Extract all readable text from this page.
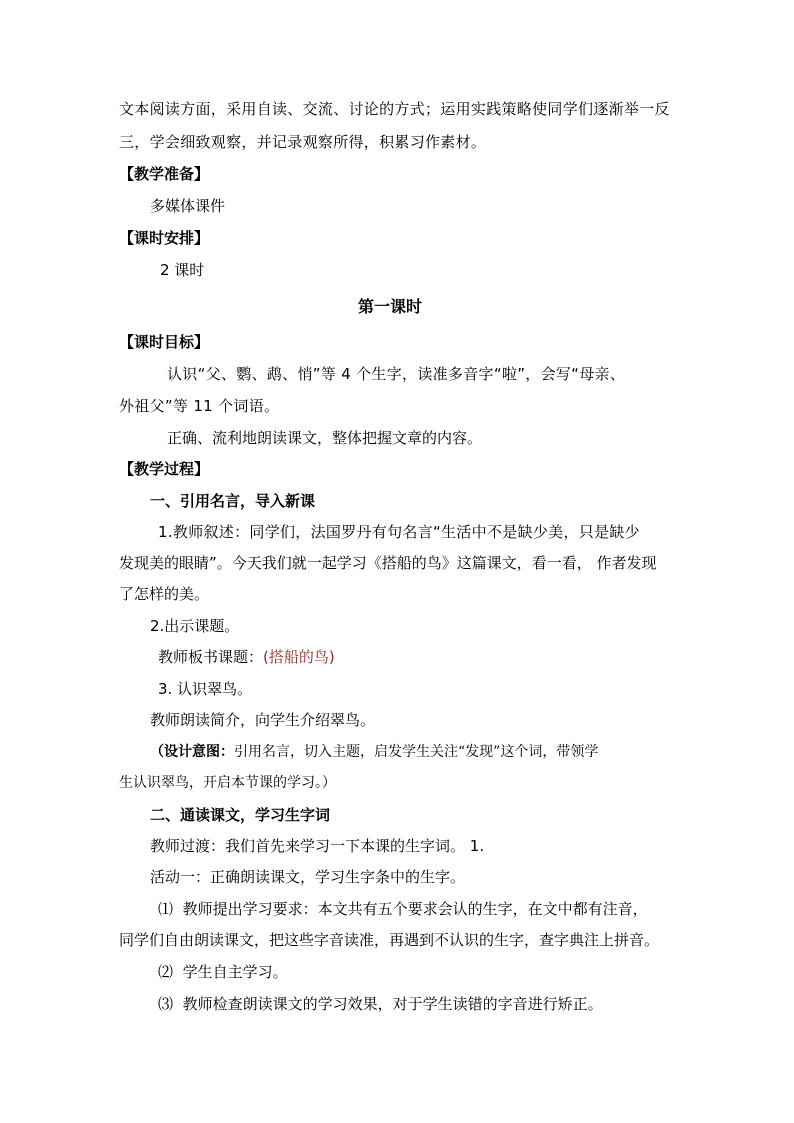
文本阅读方面，采用自读、交流、讨论的方式；运用实践策略使同学们逐渐举一反
三，学会细致观察，并记录观察所得，积累习作素材。
【教学准备】
多媒体课件
【课时安排】
2 课时
第一课时
【课时目标】
认识“父、鹦、鹉、悄”等 4 个生字，读准多音字“啦”，会写“母亲、
外祖父”等 11 个词语。
正确、流利地朗读课文，整体把握文章的内容。
【教学过程】
一、引用名言，导入新课
1.教师叙述：同学们，法国罗丹有句名言“生活中不是缺少美，只是缺少
发现美的眼睛”。今天我们就一起学习《搭船的鸟》这篇课文，看一看， 作者发现
了怎样的美。
2.出示课题。
教师板书课题：(搭船的鸟)
3. 认识翠鸟。
教师朗读简介，向学生介绍翠鸟。
（设计意图：引用名言，切入主题，启发学生关注“发现”这个词，带领学
生认识翠鸟，开启本节课的学习。）
二、通读课文，学习生字词
教师过渡：我们首先来学习一下本课的生字词。 1.
活动一：正确朗读课文，学习生字条中的生字。
⑴ 教师提出学习要求：本文共有五个要求会认的生字，在文中都有注音，
同学们自由朗读课文，把这些字音读准，再遇到不认识的生字，查字典注上拼音。
⑵ 学生自主学习。
⑶ 教师检查朗读课文的学习效果，对于学生读错的字音进行矫正。
